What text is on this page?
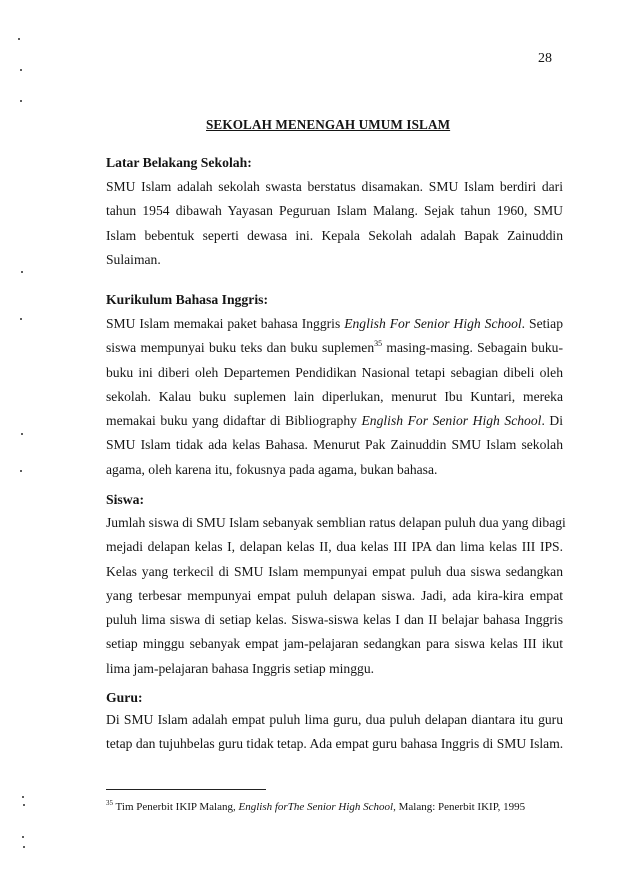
28
SEKOLAH MENENGAH UMUM ISLAM
Latar Belakang Sekolah:
SMU Islam adalah sekolah swasta berstatus disamakan. SMU Islam berdiri dari
tahun 1954 dibawah Yayasan Peguruan Islam Malang. Sejak tahun 1960, SMU
Islam bebentuk seperti dewasa ini. Kepala Sekolah adalah Bapak Zainuddin
Sulaiman.
Kurikulum Bahasa Inggris:
SMU Islam memakai paket bahasa Inggris English For Senior High School. Setiap
siswa mempunyai buku teks dan buku suplemen$^{35}$ masing-masing. Sebagain buku-
buku ini diberi oleh Departemen Pendidikan Nasional tetapi sebagian dibeli oleh
sekolah. Kalau buku suplemen lain diperlukan, menurut Ibu Kuntari, mereka
memakai buku yang didaftar di Bibliography English For Senior High School. Di
SMU Islam tidak ada kelas Bahasa. Menurut Pak Zainuddin SMU Islam sekolah
agama, oleh karena itu, fokusnya pada agama, bukan bahasa.
Siswa:
Jumlah siswa di SMU Islam sebanyak semblian ratus delapan puluh dua yang dibagi
mejadi delapan kelas I, delapan kelas II, dua kelas III IPA dan lima kelas III IPS.
Kelas yang terkecil di SMU Islam mempunyai empat puluh dua siswa sedangkan
yang terbesar mempunyai empat puluh delapan siswa. Jadi, ada kira-kira empat
puluh lima siswa di setiap kelas. Siswa-siswa kelas I dan II belajar bahasa Inggris
setiap minggu sebanyak empat jam-pelajaran sedangkan para siswa kelas III ikut
lima jam-pelajaran bahasa Inggris setiap minggu.
Guru:
Di SMU Islam adalah empat puluh lima guru, dua puluh delapan diantara itu guru
tetap dan tujuhbelas guru tidak tetap. Ada empat guru bahasa Inggris di SMU Islam.
$^{35}$ Tim Penerbit IKIP Malang, English forThe Senior High School, Malang: Penerbit IKIP, 1995
